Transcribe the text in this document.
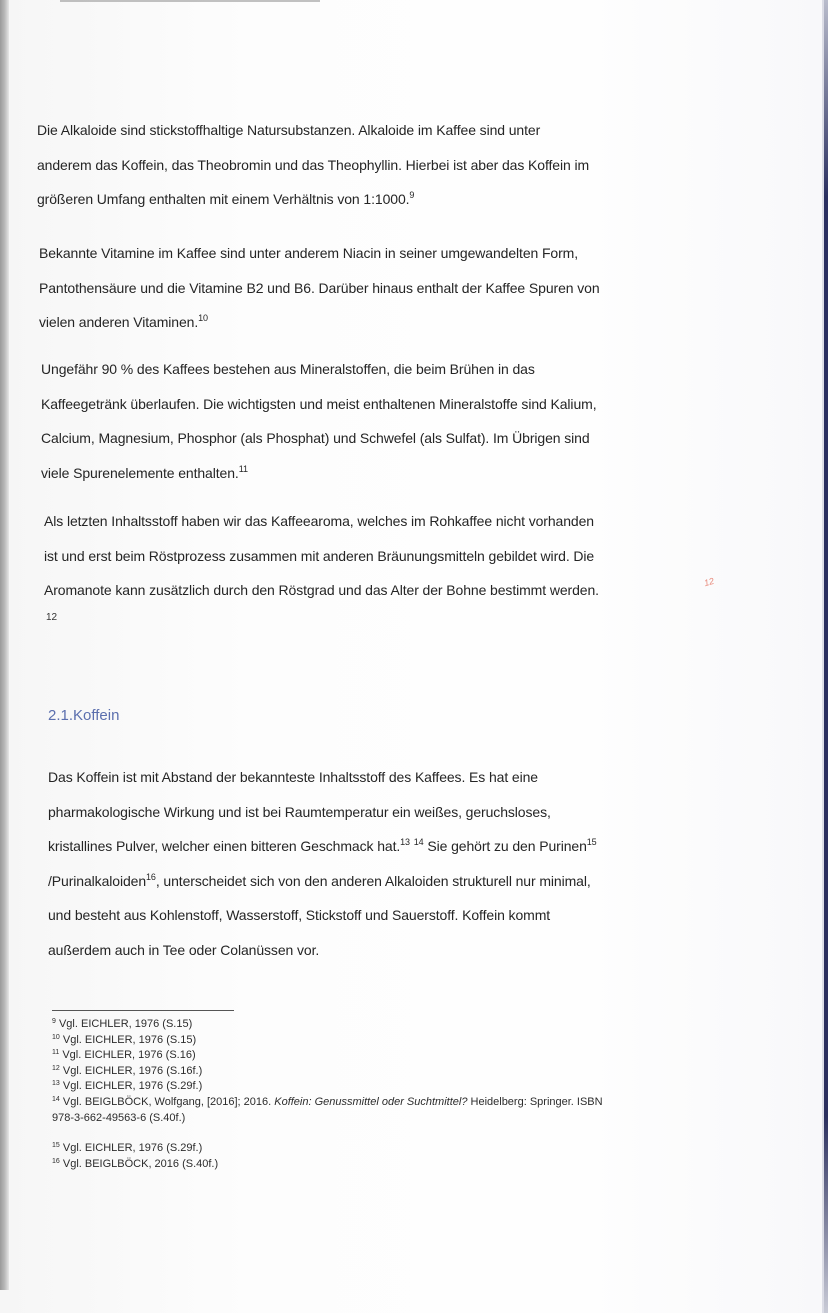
Die Alkaloide sind stickstoffhaltige Natursubstanzen. Alkaloide im Kaffee sind unter
anderem das Koffein, das Theobromin und das Theophyllin. Hierbei ist aber das Koffein im
größeren Umfang enthalten mit einem Verhältnis von 1:1000.$^9$
Bekannte Vitamine im Kaffee sind unter anderem Niacin in seiner umgewandelten Form,
Pantothensäure und die Vitamine B2 und B6. Darüber hinaus enthalt der Kaffee Spuren von
vielen anderen Vitaminen.$^{10}$
Ungefähr 90 % des Kaffees bestehen aus Mineralstoffen, die beim Brühen in das
Kaffeegetränk überlaufen. Die wichtigsten und meist enthaltenen Mineralstoffe sind Kalium,
Calcium, Magnesium, Phosphor (als Phosphat) und Schwefel (als Sulfat). Im Übrigen sind
viele Spurenelemente enthalten.$^{11}$
Als letzten Inhaltsstoff haben wir das Kaffeearoma, welches im Rohkaffee nicht vorhanden
ist und erst beim Röstprozess zusammen mit anderen Bräunungsmitteln gebildet wird. Die
Aromanote kann zusätzlich durch den Röstgrad und das Alter der Bohne bestimmt werden.
12
12
2.1.Koffein
Das Koffein ist mit Abstand der bekannteste Inhaltsstoff des Kaffees. Es hat eine
pharmakologische Wirkung und ist bei Raumtemperatur ein weißes, geruchsloses,
kristallines Pulver, welcher einen bitteren Geschmack hat.$^{13}$ $^{14}$ Sie gehört zu den Purinen$^{15}$
/Purinalkaloiden$^{16}$, unterscheidet sich von den anderen Alkaloiden strukturell nur minimal,
und besteht aus Kohlenstoff, Wasserstoff, Stickstoff und Sauerstoff. Koffein kommt
außerdem auch in Tee oder Colanüssen vor.
$^9$ Vgl. EICHLER, 1976 (S.15)
$^{10}$ Vgl. EICHLER, 1976 (S.15)
$^{11}$ Vgl. EICHLER, 1976 (S.16)
$^{12}$ Vgl. EICHLER, 1976 (S.16f.)
$^{13}$ Vgl. EICHLER, 1976 (S.29f.)
$^{14}$ Vgl. BEIGLBÖCK, Wolfgang, [2016]; 2016. Koffein: Genussmittel oder Suchtmittel? Heidelberg: Springer. ISBN
978-3-662-49563-6 (S.40f.)
$^{15}$ Vgl. EICHLER, 1976 (S.29f.)
$^{16}$ Vgl. BEIGLBÖCK, 2016 (S.40f.)
